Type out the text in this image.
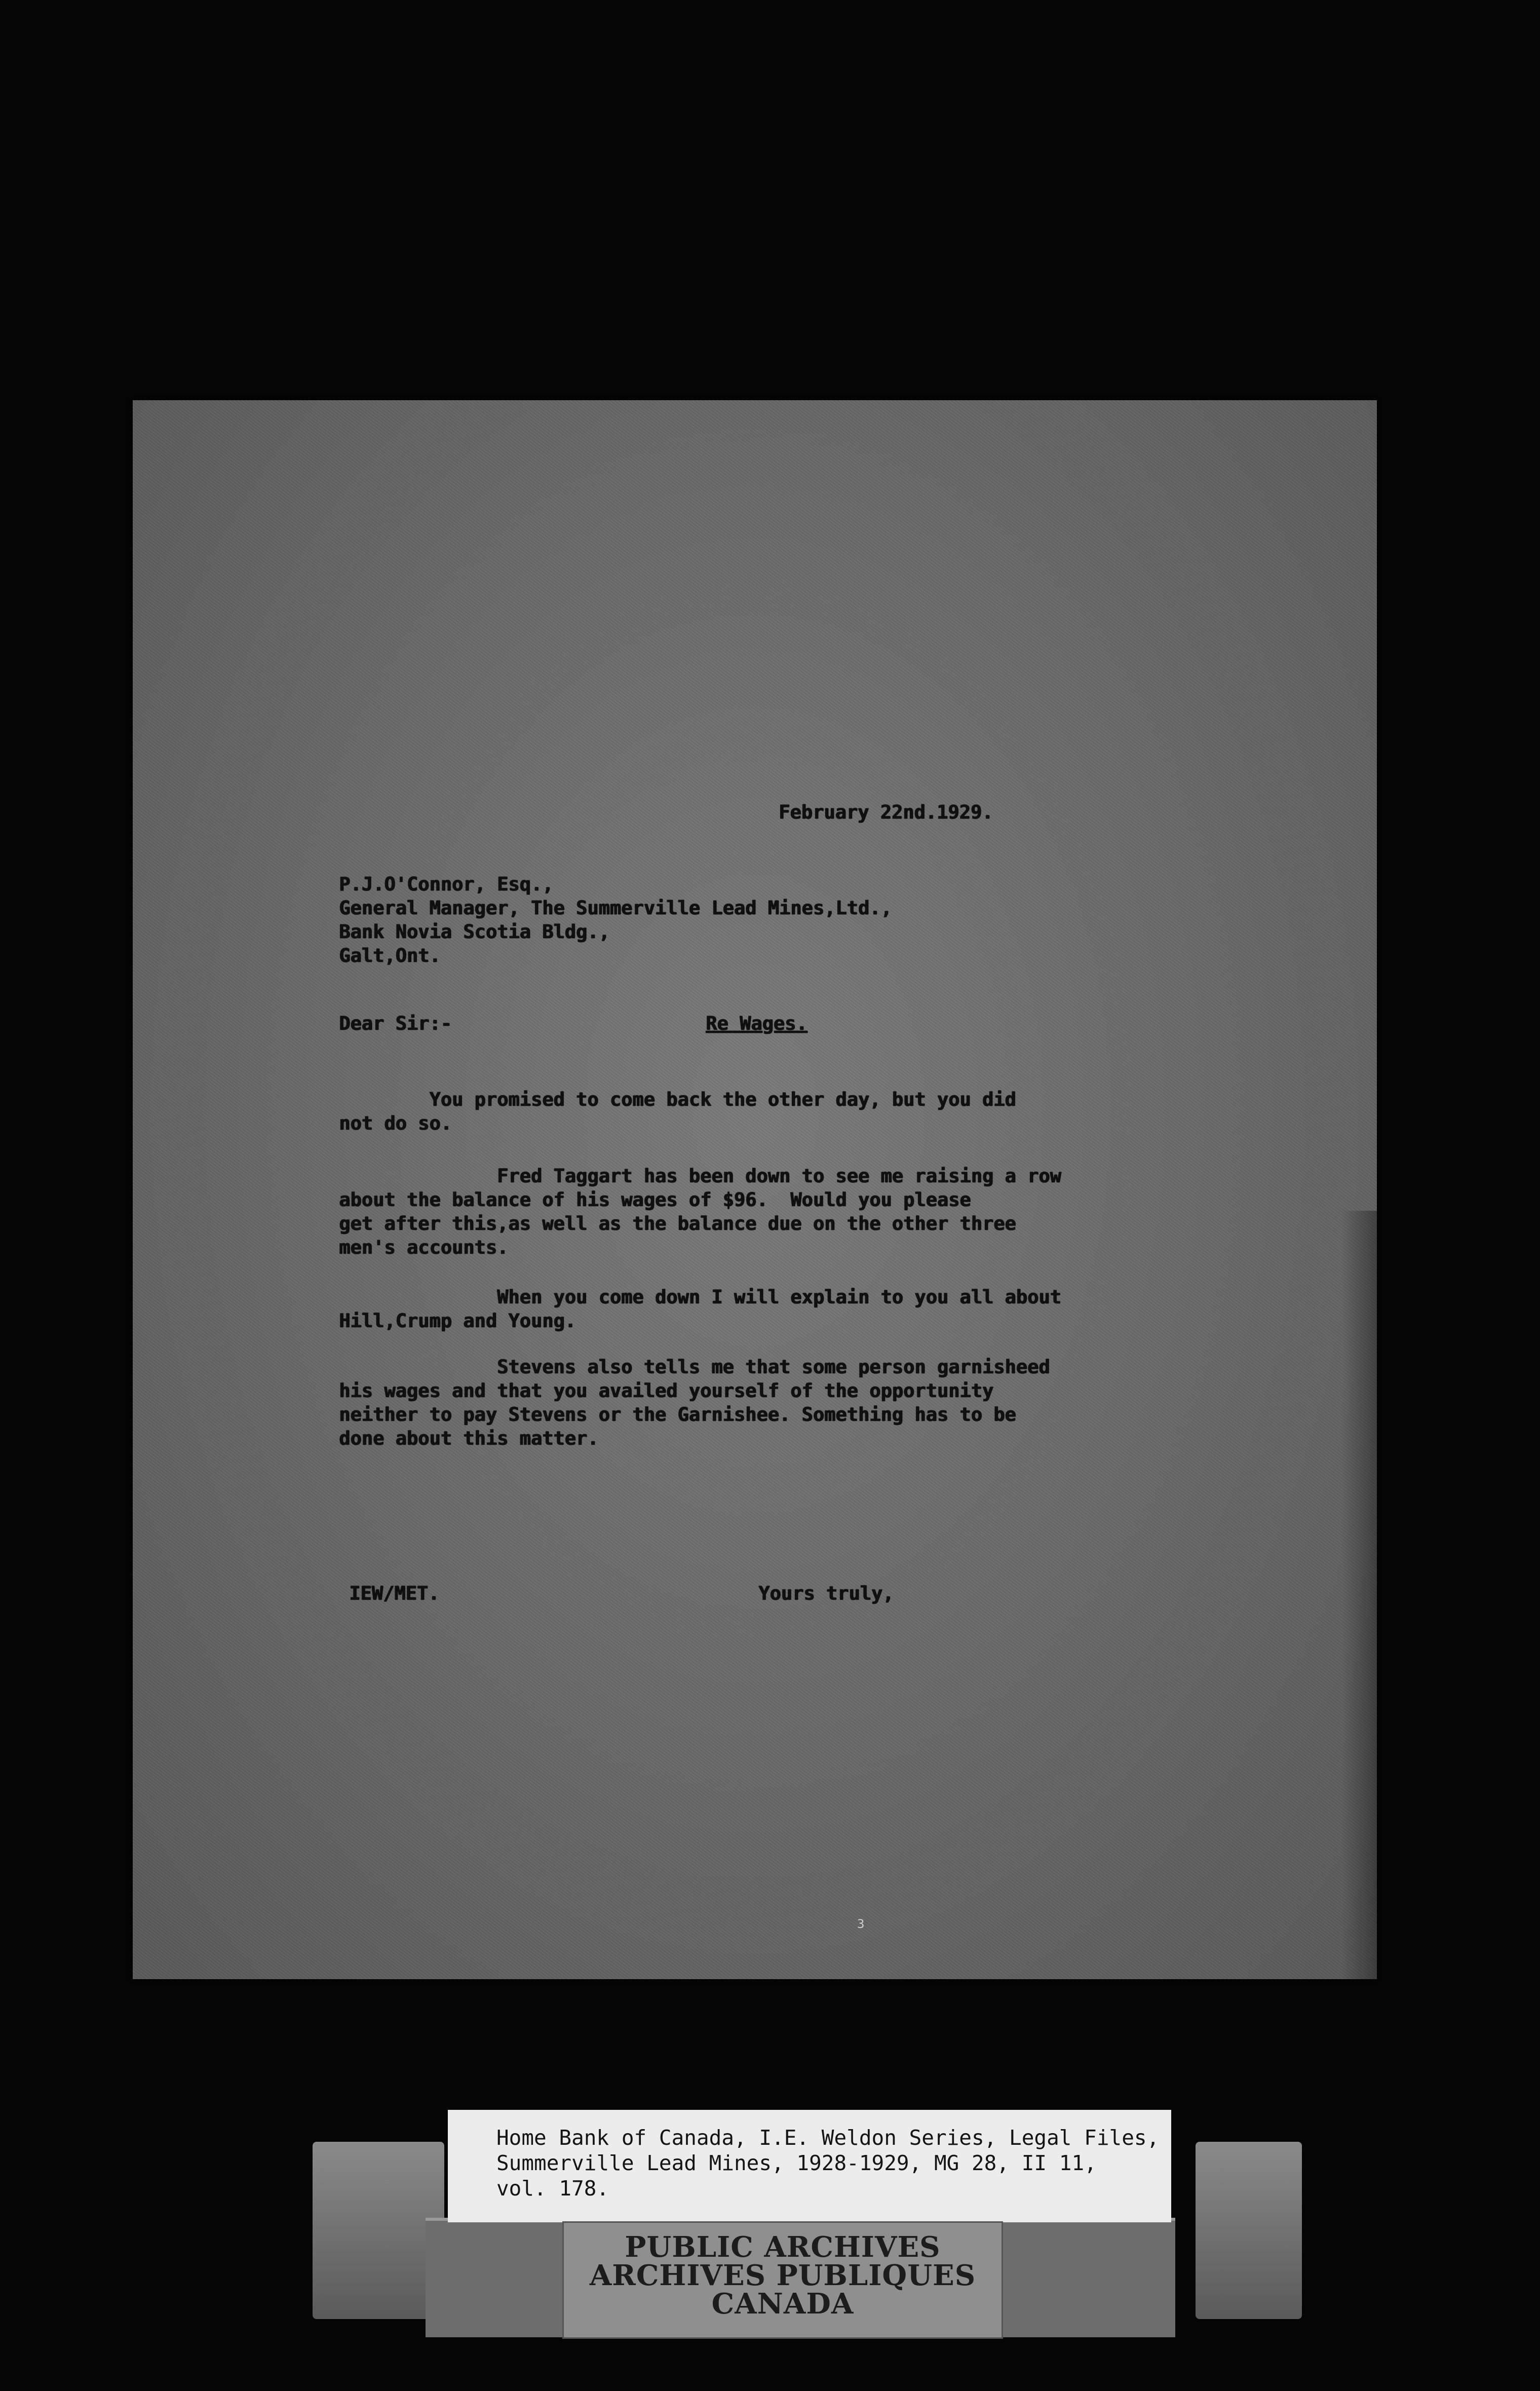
February 22nd.1929.
P.J.O'Connor, Esq.,
General Manager, The Summerville Lead Mines,Ltd.,
Bank Novia Scotia Bldg.,
Galt,Ont.
Dear Sir:-	Re Wages.
You promised to come back the other day, but you did
not do so.
Fred Taggart has been down to see me raising a row
about the balance of his wages of $96.  Would you please
get after this,as well as the balance due on the other three
men's accounts.
When you come down I will explain to you all about
Hill,Crump and Young.
Stevens also tells me that some person garnisheed
his wages and that you availed yourself of the opportunity
neither to pay Stevens or the Garnishee. Something has to be
done about this matter.
IEW/MET.	Yours truly,
3
Home Bank of Canada, I.E. Weldon Series, Legal Files,
Summerville Lead Mines, 1928-1929, MG 28, II 11,
vol. 178.
PUBLIC ARCHIVES
ARCHIVES PUBLIQUES
CANADA
